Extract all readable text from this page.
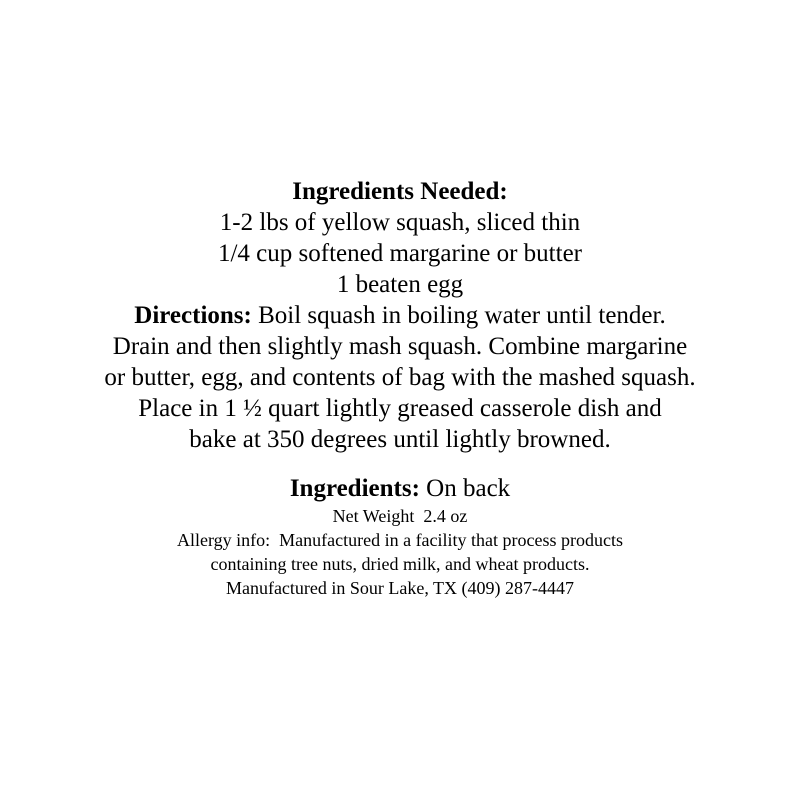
Ingredients Needed:

1-2 lbs of yellow squash, sliced thin

1/4 cup softened margarine or butter

1 beaten egg

Directions: Boil squash in boiling water until tender.

Drain and then slightly mash squash. Combine margarine

or butter, egg, and contents of bag with the mashed squash.

Place in 1 ½ quart lightly greased casserole dish and

bake at 350 degrees until lightly browned.

Ingredients: On back

Net Weight  2.4 oz

Allergy info:  Manufactured in a facility that process products

containing tree nuts, dried milk, and wheat products.

Manufactured in Sour Lake, TX (409) 287-4447
